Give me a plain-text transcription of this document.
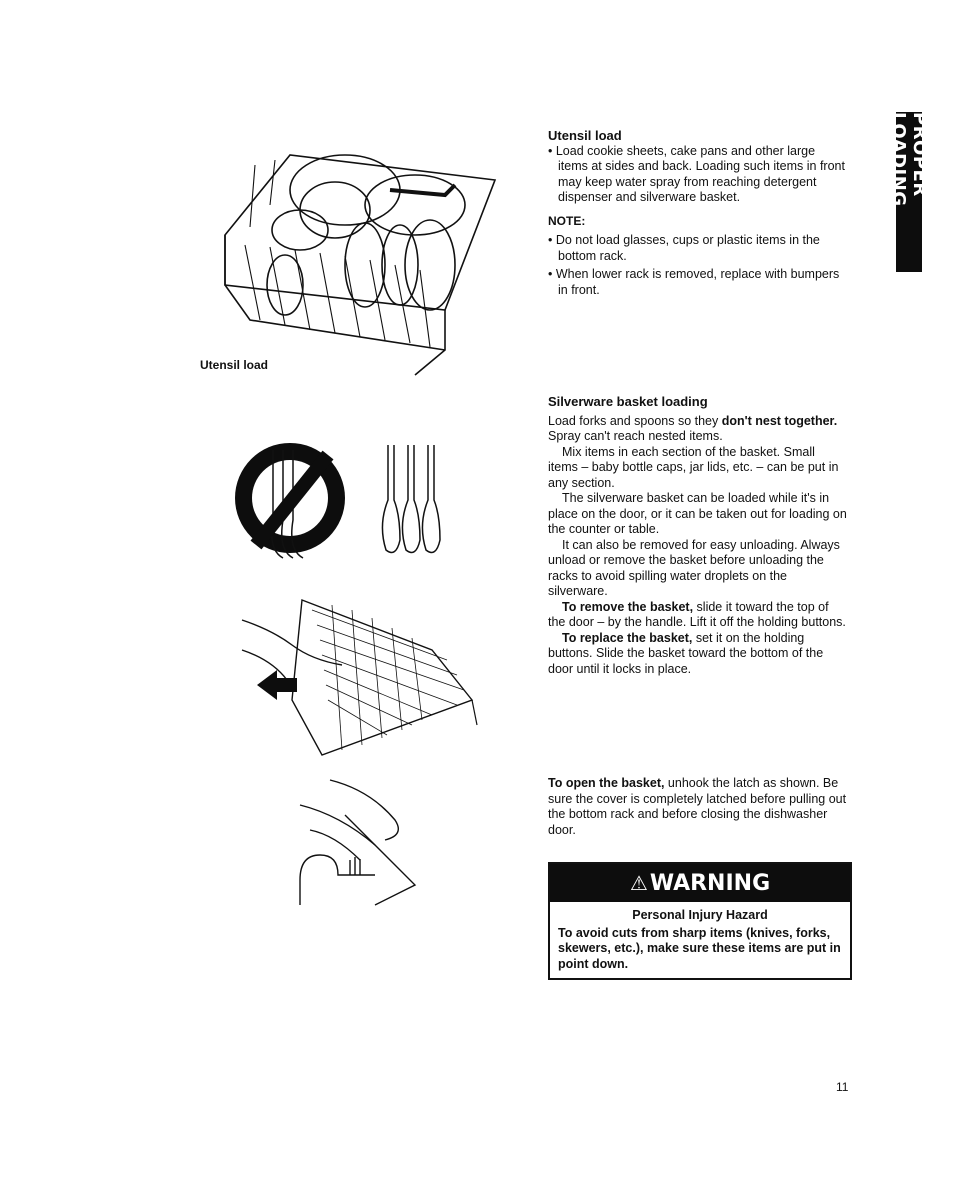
PROPER LOADING
Utensil load

Utensil load

• Load cookie sheets, cake pans and other large items at sides and back. Loading such items in front may keep water spray from reaching detergent dispenser and silverware basket.

NOTE:

• Do not load glasses, cups or plastic items in the bottom rack.

• When lower rack is removed, replace with bumpers in front.

Silverware basket loading

Load forks and spoons so they don't nest together. Spray can't reach nested items.

Mix items in each section of the basket. Small items – baby bottle caps, jar lids, etc. – can be put in any section.

The silverware basket can be loaded while it's in place on the door, or it can be taken out for loading on the counter or table.

It can also be removed for easy unloading. Always unload or remove the basket before unloading the racks to avoid spilling water droplets on the silverware.

To remove the basket, slide it toward the top of the door – by the handle. Lift it off the holding buttons.

To replace the basket, set it on the holding buttons. Slide the basket toward the bottom of the door until it locks in place.

To open the basket, unhook the latch as shown. Be sure the cover is completely latched before pulling out the bottom rack and before closing the dishwasher door.

⚠ WARNING
Personal Injury Hazard
To avoid cuts from sharp items (knives, forks, skewers, etc.), make sure these items are put in point down.
11
